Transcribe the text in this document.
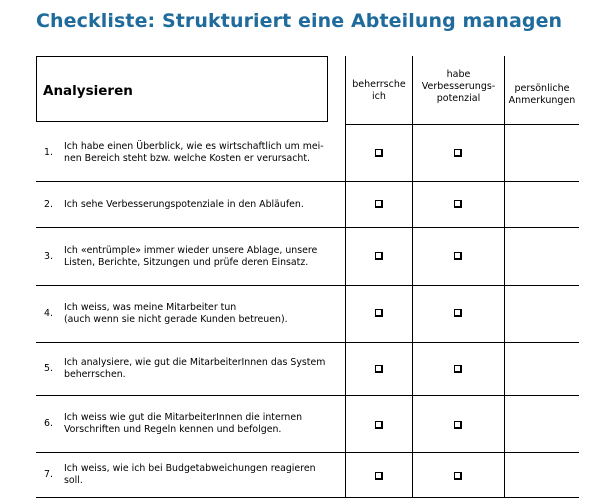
Checkliste: Strukturiert eine Abteilung managen
Analysieren	beherrsche
ich
habe
Verbesserungs-
potenzial
persönliche
Anmerkungen
1.
Ich habe einen Überblick, wie es wirtschaftlich um mei-
nen Bereich steht bzw. welche Kosten er verursacht.
2.	Ich sehe Verbesserungspotenziale in den Abläufen.
3.
Ich «entrümple» immer wieder unsere Ablage, unsere
Listen, Berichte, Sitzungen und prüfe deren Einsatz.
4.
Ich weiss, was meine Mitarbeiter tun
(auch wenn sie nicht gerade Kunden betreuen).
5.
Ich analysiere, wie gut die MitarbeiterInnen das System
beherrschen.
6.
Ich weiss wie gut die MitarbeiterInnen die internen
Vorschriften und Regeln kennen und befolgen.
7.
Ich weiss, wie ich bei Budgetabweichungen reagieren soll.
